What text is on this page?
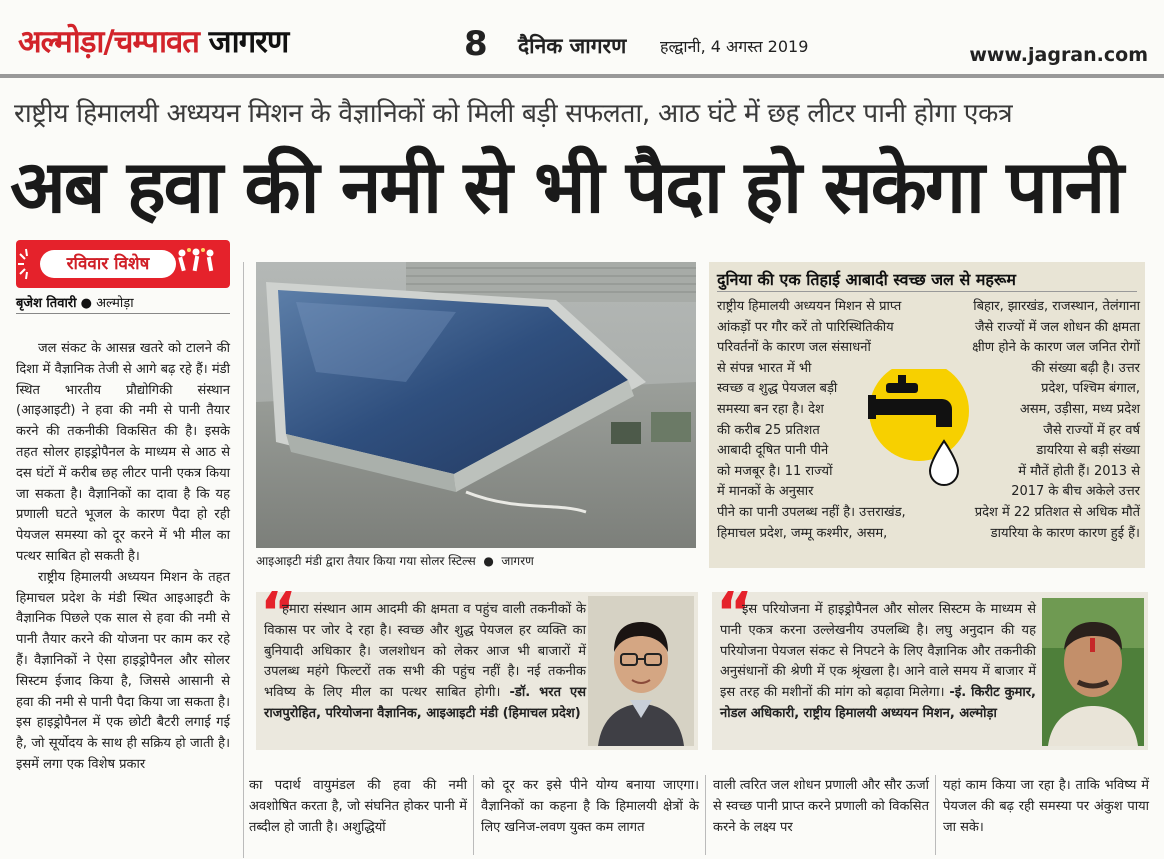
अल्मोड़ा/चम्पावत जागरण	8 दैनिक जागरण हल्द्वानी, 4 अगस्त 2019	www.jagran.com
राष्ट्रीय हिमालयी अध्ययन मिशन के वैज्ञानिकों को मिली बड़ी सफलता, आठ घंटे में छह लीटर पानी होगा एकत्र
अब हवा की नमी से भी पैदा हो सकेगा पानी
रविवार विशेष
बृजेश तिवारी ● अल्मोड़ा

जल संकट के आसन्न खतरे को टालने की दिशा में वैज्ञानिक तेजी से आगे बढ़ रहे हैं। मंडी स्थित भारतीय प्रौद्योगिकी संस्थान (आइआइटी) ने हवा की नमी से पानी तैयार करने की तकनीकी विकसित की है। इसके तहत सोलर हाइड्रोपैनल के माध्यम से आठ से दस घंटों में करीब छह लीटर पानी एकत्र किया जा सकता है। वैज्ञानिकों का दावा है कि यह प्रणाली घटते भूजल के कारण पैदा हो रही पेयजल समस्या को दूर करने में भी मील का पत्थर साबित हो सकती है।

राष्ट्रीय हिमालयी अध्ययन मिशन के तहत हिमाचल प्रदेश के मंडी स्थित आइआइटी के वैज्ञानिक पिछले एक साल से हवा की नमी से पानी तैयार करने की योजना पर काम कर रहे हैं। वैज्ञानिकों ने ऐसा हाइड्रोपैनल और सोलर सिस्टम ईजाद किया है, जिससे आसानी से हवा की नमी से पानी पैदा किया जा सकता है। इस हाइड्रोपैनल में एक छोटी बैटरी लगाई गई है, जो सूर्योदय के साथ ही सक्रिय हो जाती है। इसमें लगा एक विशेष प्रकार

आइआइटी मंडी द्वारा तैयार किया गया सोलर स्टिल्स  ●  जागरण
दुनिया की एक तिहाई आबादी स्वच्छ जल से महरूम
राष्ट्रीय हिमालयी अध्ययन मिशन से प्राप्त
आंकड़ों पर गौर करें तो पारिस्थितिकीय
परिवर्तनों के कारण जल संसाधनों
से संपन्न भारत में भी
स्वच्छ व शुद्ध पेयजल बड़ी
समस्या बन रहा है। देश
की करीब 25 प्रतिशत
आबादी दूषित पानी पीने
को मजबूर है। 11 राज्यों
में मानकों के अनुसार
पीने का पानी उपलब्ध नहीं है। उत्तराखंड,
हिमाचल प्रदेश, जम्मू कश्मीर, असम,
बिहार, झारखंड, राजस्थान, तेलंगाना
जैसे राज्यों में जल शोधन की क्षमता
क्षीण होने के कारण जल जनित रोगों
की संख्या बढ़ी है। उत्तर
प्रदेश, पश्चिम बंगाल,
असम, उड़ीसा, मध्य प्रदेश
जैसे राज्यों में हर वर्ष
डायरिया से बड़ी संख्या
में मौतें होती हैं। 2013 से
2017 के बीच अकेले उत्तर
प्रदेश में 22 प्रतिशत से अधिक मौतें
डायरिया के कारण कारण हुई हैं।
“
हमारा संस्थान आम आदमी की क्षमता व पहुंच वाली तकनीकों के विकास पर जोर दे रहा है। स्वच्छ और शुद्ध पेयजल हर व्यक्ति का बुनियादी अधिकार है। जलशोधन को लेकर आज भी बाजारों में उपलब्ध महंगे फिल्टरों तक सभी की पहुंच नहीं है। नई तकनीक भविष्य के लिए मील का पत्थर साबित होगी। -डॉ. भरत एस राजपुरोहित, परियोजना वैज्ञानिक, आइआइटी मंडी (हिमाचल प्रदेश)
“
इस परियोजना में हाइड्रोपैनल और सोलर सिस्टम के माध्यम से पानी एकत्र करना उल्लेखनीय उपलब्धि है। लघु अनुदान की यह परियोजना पेयजल संकट से निपटने के लिए वैज्ञानिक और तकनीकी अनुसंधानों की श्रेणी में एक श्रृंखला है। आने वाले समय में बाजार में इस तरह की मशीनों की मांग को बढ़ावा मिलेगा। -इं. किरीट कुमार, नोडल अधिकारी, राष्ट्रीय हिमालयी अध्ययन मिशन, अल्मोड़ा
का पदार्थ वायुमंडल की हवा की नमी अवशोषित करता है, जो संघनित होकर पानी में तब्दील हो जाती है। अशुद्धियों
को दूर कर इसे पीने योग्य बनाया जाएगा। वैज्ञानिकों का कहना है कि हिमालयी क्षेत्रों के लिए खनिज-लवण युक्त कम लागत
वाली त्वरित जल शोधन प्रणाली और सौर ऊर्जा से स्वच्छ पानी प्राप्त करने प्रणाली को विकसित करने के लक्ष्य पर
यहां काम किया जा रहा है। ताकि भविष्य में पेयजल की बढ़ रही समस्या पर अंकुश पाया जा सके।
